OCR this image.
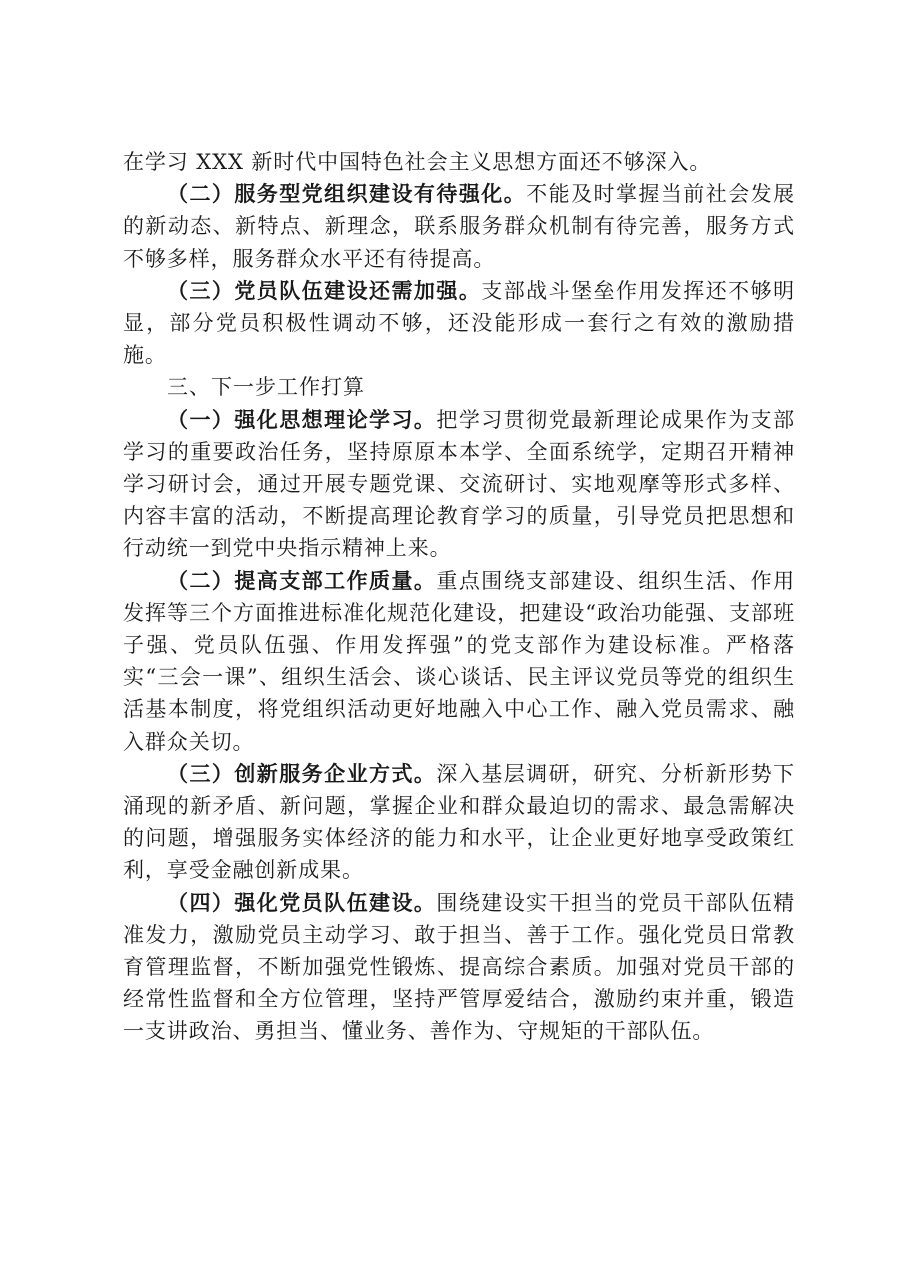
在学习 XXX 新时代中国特色社会主义思想方面还不够深入。

（二）服务型党组织建设有待强化。不能及时掌握当前社会发展的新动态、新特点、新理念，联系服务群众机制有待完善，服务方式不够多样，服务群众水平还有待提高。

（三）党员队伍建设还需加强。支部战斗堡垒作用发挥还不够明显，部分党员积极性调动不够，还没能形成一套行之有效的激励措施。

三、下一步工作打算

（一）强化思想理论学习。把学习贯彻党最新理论成果作为支部学习的重要政治任务，坚持原原本本学、全面系统学，定期召开精神学习研讨会，通过开展专题党课、交流研讨、实地观摩等形式多样、内容丰富的活动，不断提高理论教育学习的质量，引导党员把思想和行动统一到党中央指示精神上来。

（二）提高支部工作质量。重点围绕支部建设、组织生活、作用发挥等三个方面推进标准化规范化建设，把建设“政治功能强、支部班子强、党员队伍强、作用发挥强”的党支部作为建设标准。严格落实“三会一课”、组织生活会、谈心谈话、民主评议党员等党的组织生活基本制度，将党组织活动更好地融入中心工作、融入党员需求、融入群众关切。

（三）创新服务企业方式。深入基层调研，研究、分析新形势下涌现的新矛盾、新问题，掌握企业和群众最迫切的需求、最急需解决的问题，增强服务实体经济的能力和水平，让企业更好地享受政策红利，享受金融创新成果。

（四）强化党员队伍建设。围绕建设实干担当的党员干部队伍精准发力，激励党员主动学习、敢于担当、善于工作。强化党员日常教育管理监督，不断加强党性锻炼、提高综合素质。加强对党员干部的经常性监督和全方位管理，坚持严管厚爱结合，激励约束并重，锻造一支讲政治、勇担当、懂业务、善作为、守规矩的干部队伍。
